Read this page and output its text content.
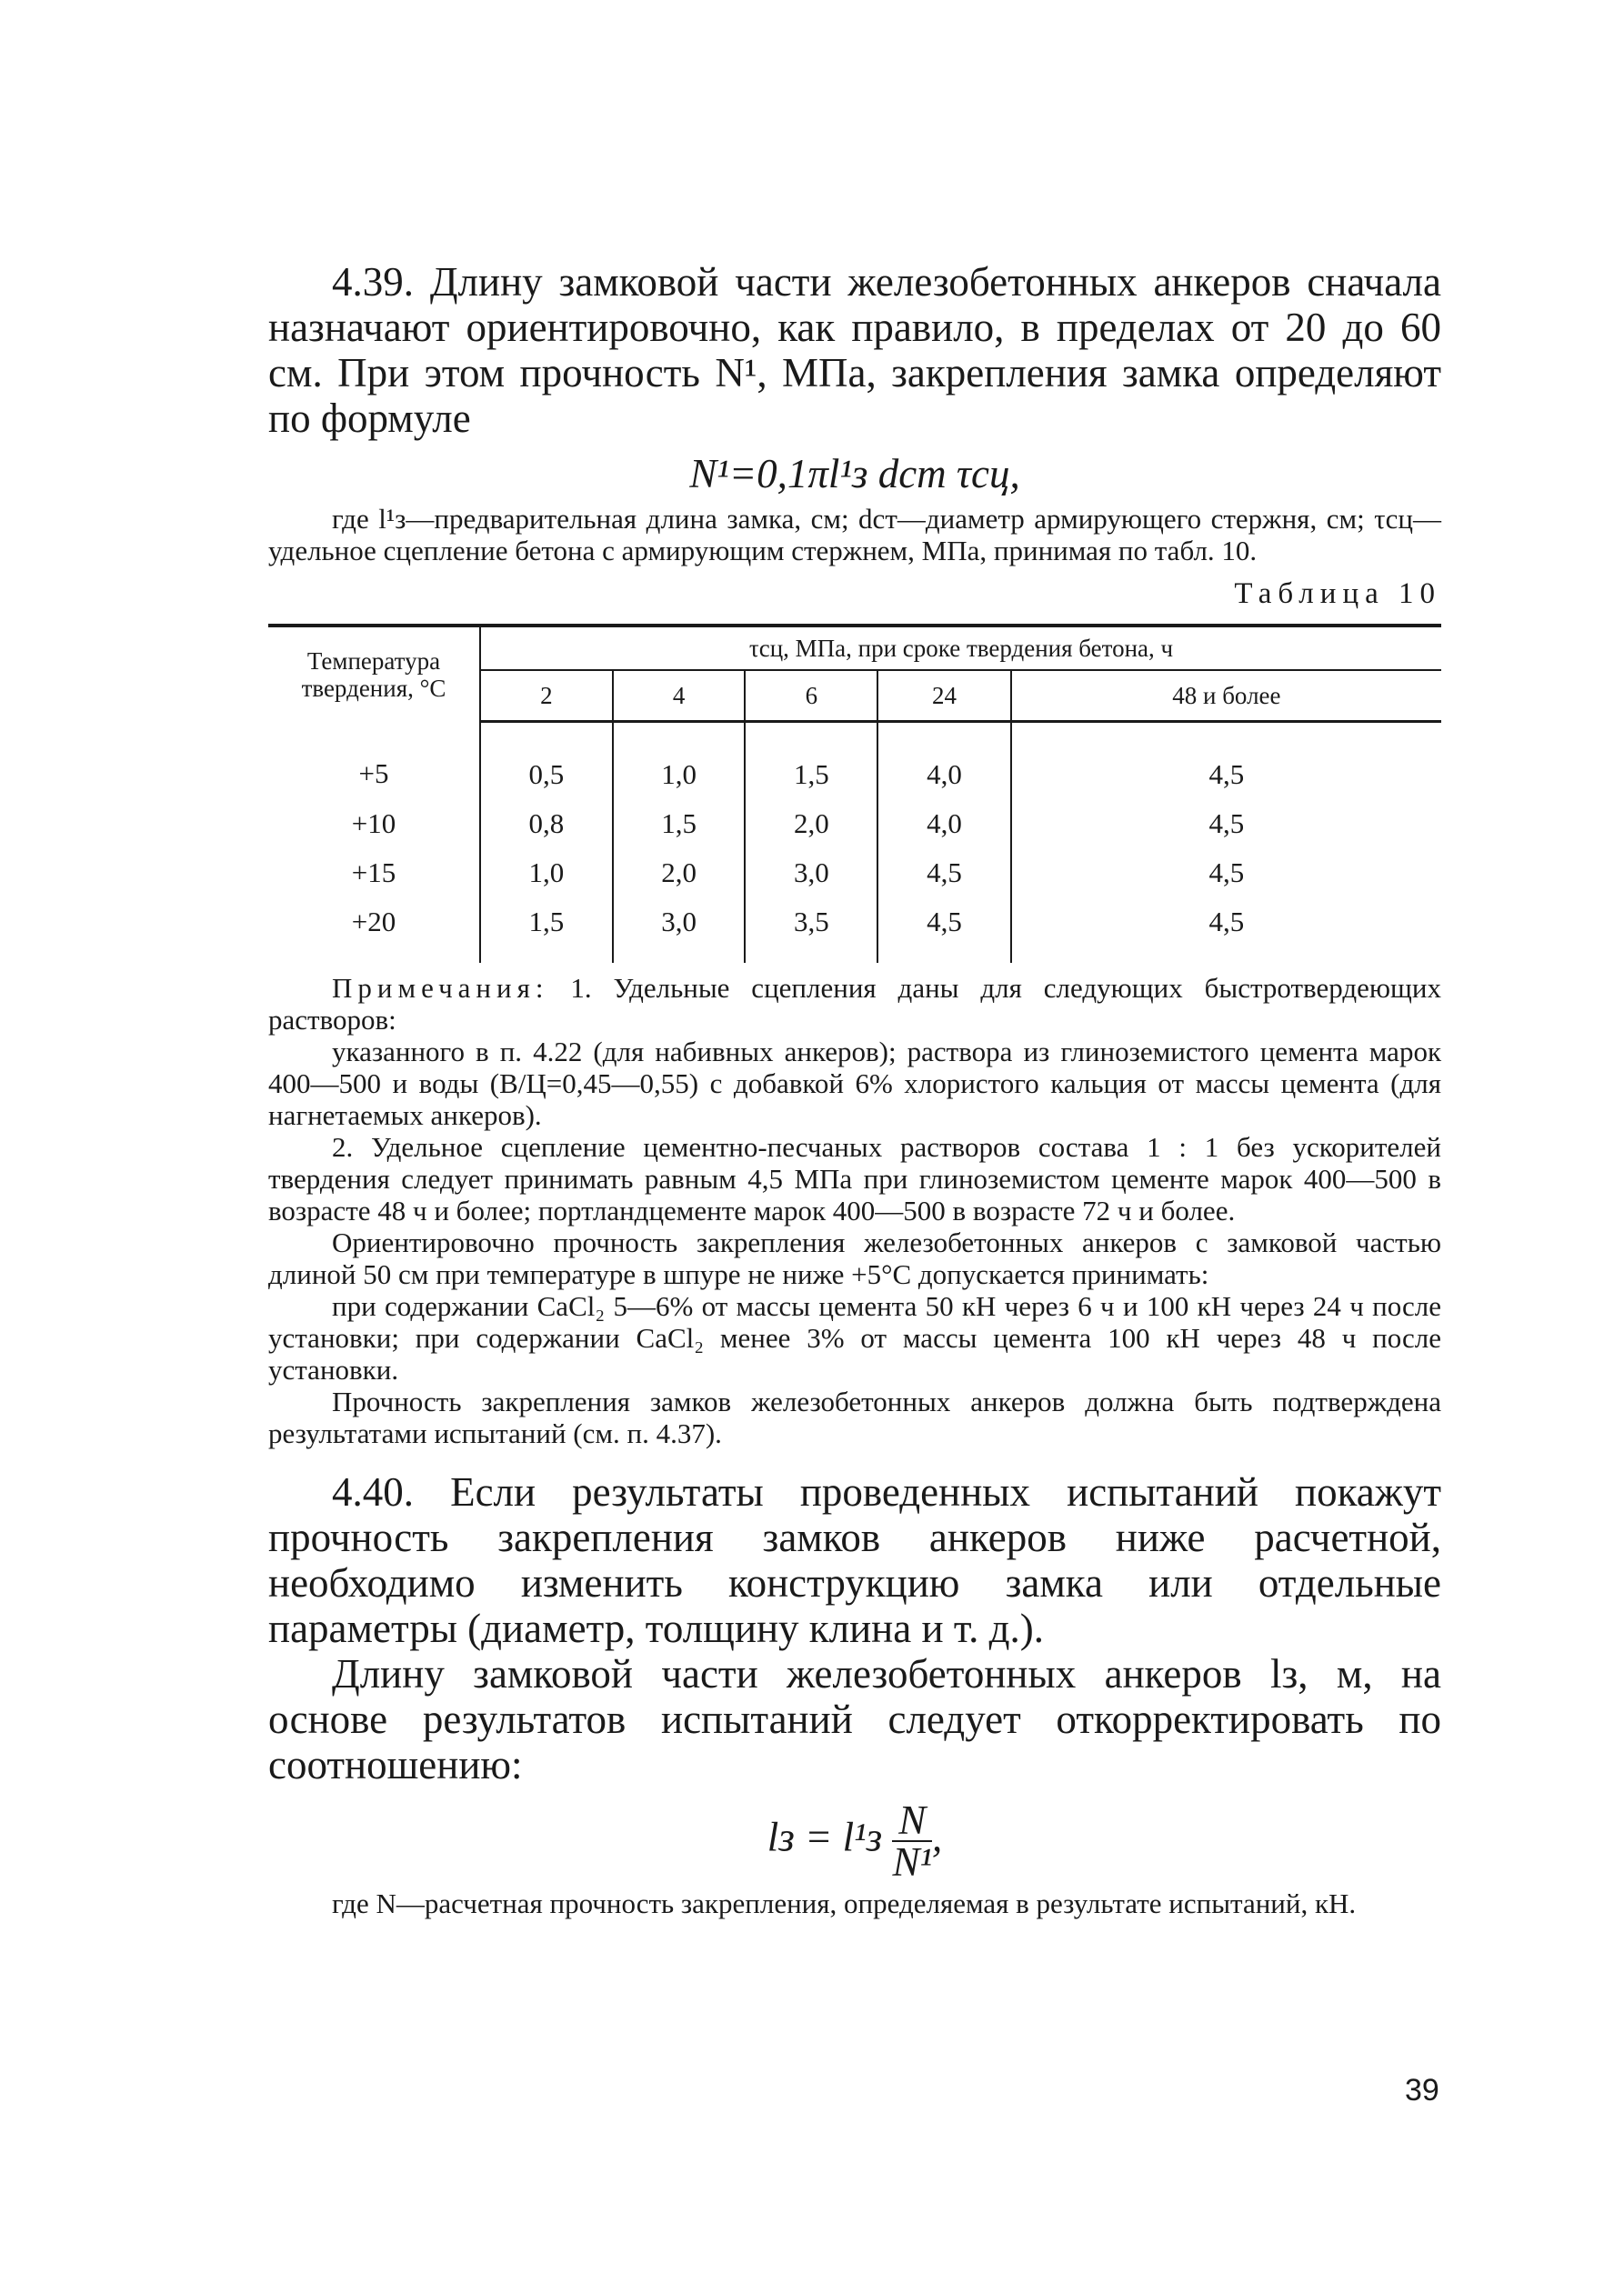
4.39. Длину замковой части железобетонных анкеров сначала назначают ориентировочно, как правило, в пределах от 20 до 60 см. При этом прочность N¹, МПа, закрепления замка определяют по формуле

N¹=0,1πl¹з dст τсц,

где l¹з—предварительная длина замка, см; dст—диаметр армирующего стержня, см; τсц—удельное сцепление бетона с армирующим стержнем, МПа, принимая по табл. 10.

Таблица 10

Температура твердения, °C	τсц, МПа, при сроке твердения бетона, ч				
	2	4	6	24	48 и более
+5	0,5	1,0	1,5	4,0	4,5
+10	0,8	1,5	2,0	4,0	4,5
+15	1,0	2,0	3,0	4,5	4,5
+20	1,5	3,0	3,5	4,5	4,5

Примечания: 1. Удельные сцепления даны для следующих быстротвердеющих растворов:

указанного в п. 4.22 (для набивных анкеров); раствора из глиноземистого цемента марок 400—500 и воды (В/Ц=0,45—0,55) с добавкой 6% хлористого кальция от массы цемента (для нагнетаемых анкеров).

2. Удельное сцепление цементно-песчаных растворов состава 1 : 1 без ускорителей твердения следует принимать равным 4,5 МПа при глиноземистом цементе марок 400—500 в возрасте 48 ч и более; портландцементе марок 400—500 в возрасте 72 ч и более.

Ориентировочно прочность закрепления железобетонных анкеров с замковой частью длиной 50 см при температуре в шпуре не ниже +5°C допускается принимать:

при содержании CaCl₂ 5—6% от массы цемента 50 кН через 6 ч и 100 кН через 24 ч после установки; при содержании CaCl₂ менее 3% от массы цемента 100 кН через 48 ч после установки.

Прочность закрепления замков железобетонных анкеров должна быть подтверждена результатами испытаний (см. п. 4.37).

4.40. Если результаты проведенных испытаний покажут прочность закрепления замков анкеров ниже расчетной, необходимо изменить конструкцию замка или отдельные параметры (диаметр, толщину клина и т. д.).

Длину замковой части железобетонных анкеров lз, м, на основе результатов испытаний следует откорректировать по соотношению:

lз = $l^1з \frac{N}{\text{N¹}}$ ,

где N—расчетная прочность закрепления, определяемая в результате испытаний, кН.

39
